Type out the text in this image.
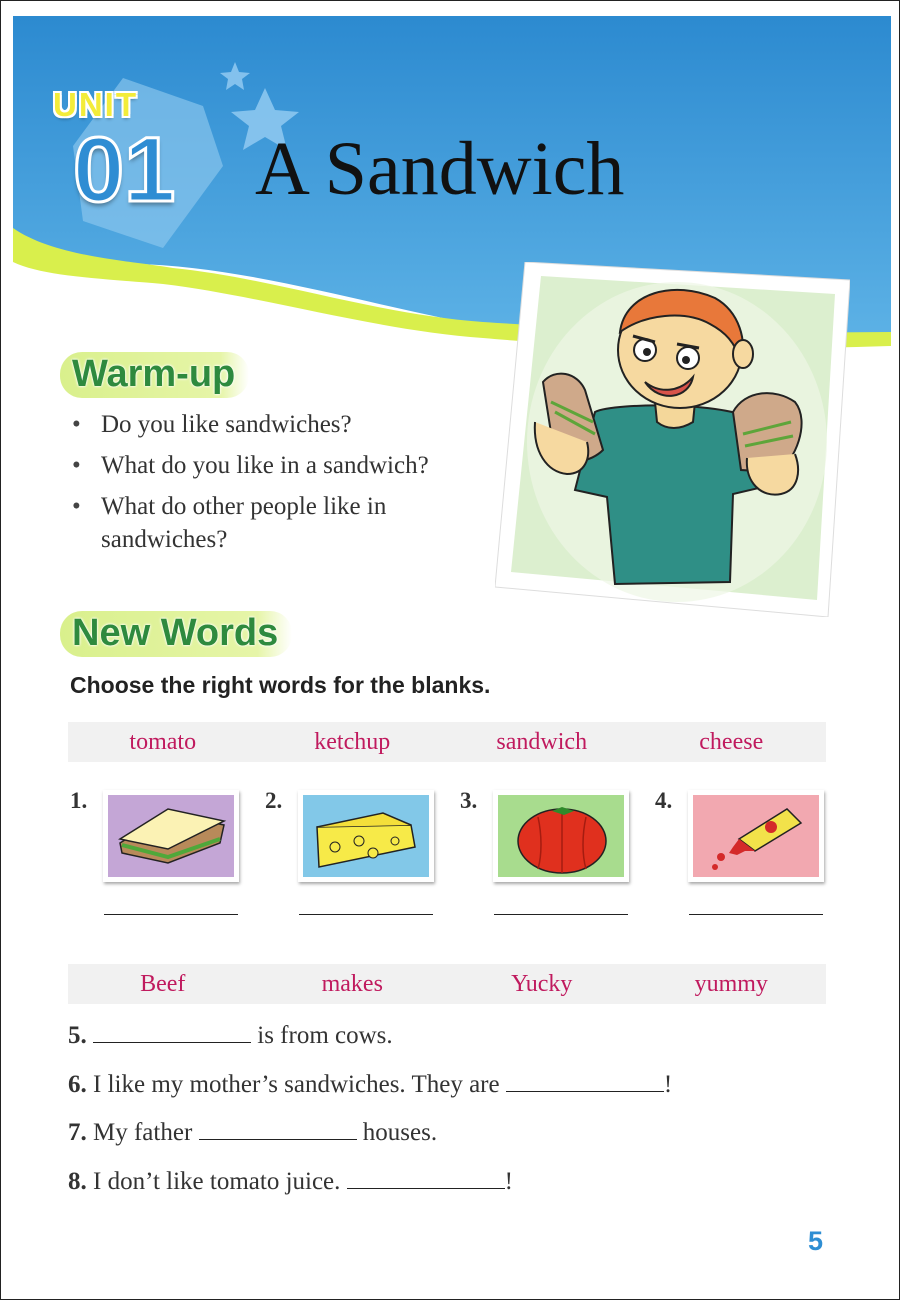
UNIT
01 A Sandwich
Warm-up
• Do you like sandwiches?
• What do you like in a sandwich?
• What do other people like in sandwiches?
New Words
Choose the right words for the blanks.
tomato	ketchup	sandwich	cheese
1.	2.	3.	4.
Beef	makes	Yucky	yummy
5.	is from cows.
6. I like my mother’s sandwiches. They are	!
7. My father	houses.
8. I don’t like tomato juice.	!
5
